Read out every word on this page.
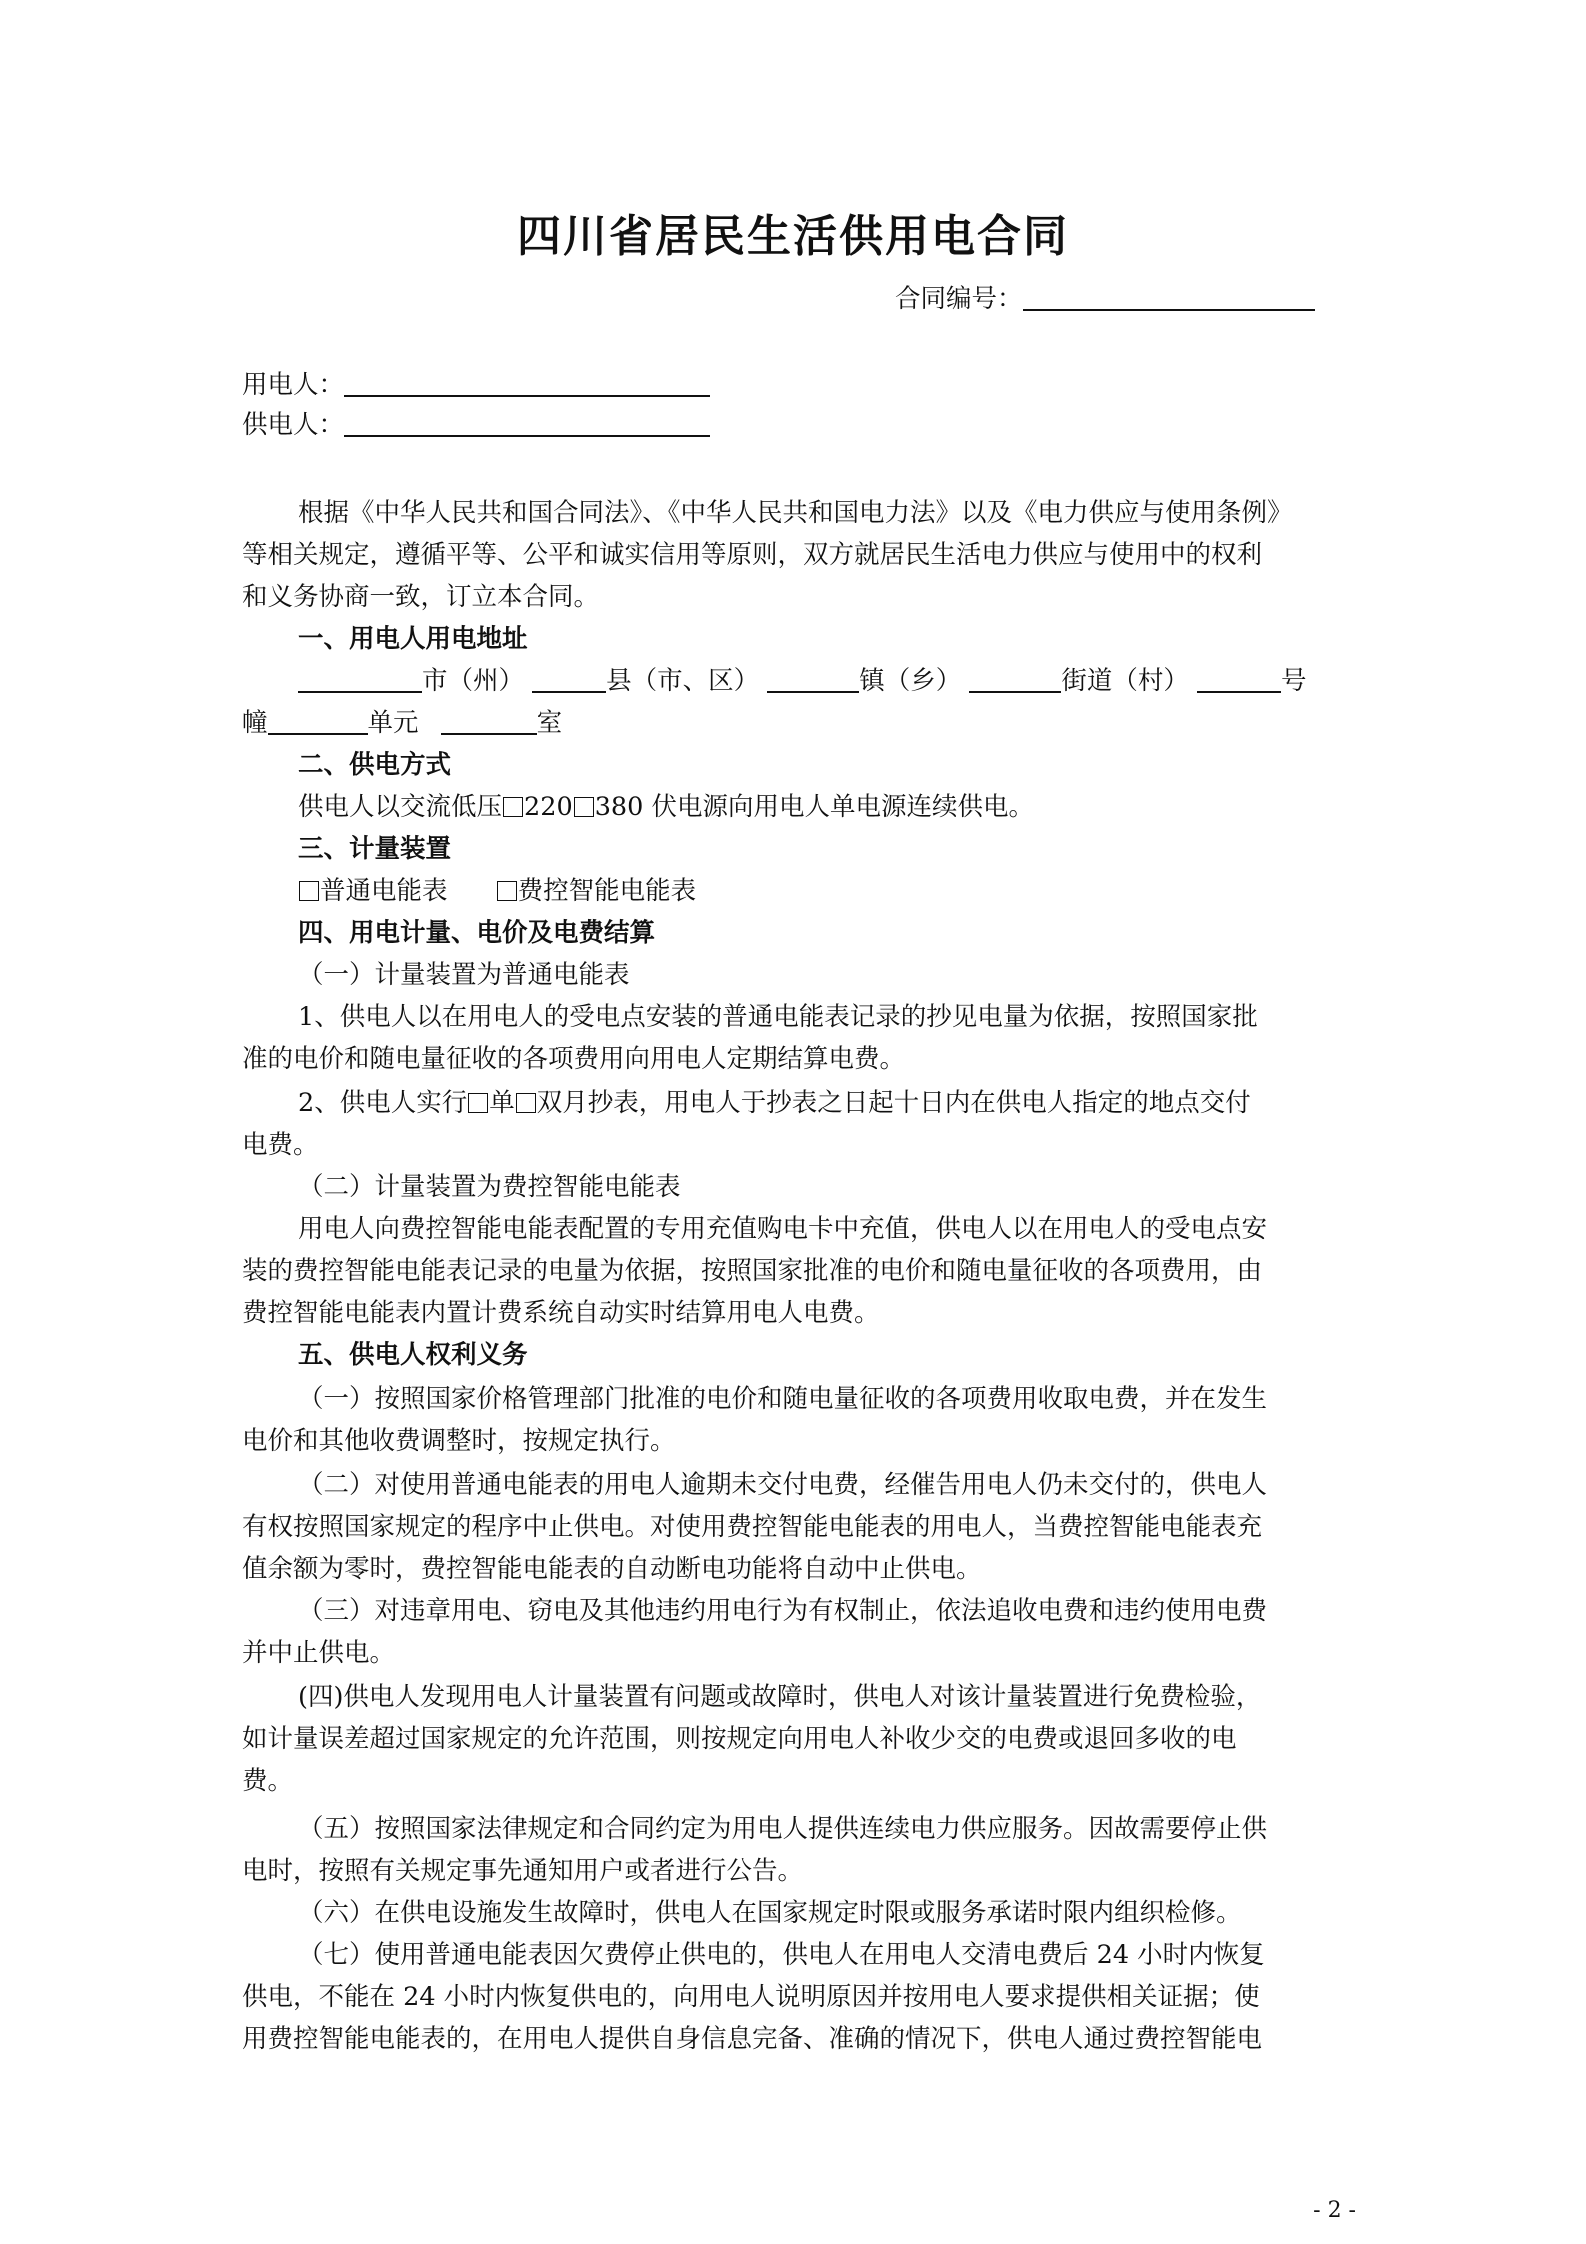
四川省居民生活供用电合同
合同编号：
用电人：
供电人：
根据《中华人民共和国合同法》、《中华人民共和国电力法》以及《电力供应与使用条例》
等相关规定，遵循平等、公平和诚实信用等原则，双方就居民生活电力供应与使用中的权利
和义务协商一致，订立本合同。
一、用电人用电地址
市（州）	县（市、区）	镇（乡）	街道（村）	号
幢	单元	室
二、供电方式
供电人以交流低压 220 380 伏电源向用电人单电源连续供电。
三、计量装置
普通电能表	费控智能电能表
四、用电计量、电价及电费结算
（一）计量装置为普通电能表
1、供电人以在用电人的受电点安装的普通电能表记录的抄见电量为依据，按照国家批
准的电价和随电量征收的各项费用向用电人定期结算电费。
2、供电人实行 单 双月抄表，用电人于抄表之日起十日内在供电人指定的地点交付
电费。
（二）计量装置为费控智能电能表
用电人向费控智能电能表配置的专用充值购电卡中充值，供电人以在用电人的受电点安
装的费控智能电能表记录的电量为依据，按照国家批准的电价和随电量征收的各项费用，由
费控智能电能表内置计费系统自动实时结算用电人电费。
五、供电人权利义务
（一）按照国家价格管理部门批准的电价和随电量征收的各项费用收取电费，并在发生
电价和其他收费调整时，按规定执行。
（二）对使用普通电能表的用电人逾期未交付电费，经催告用电人仍未交付的，供电人
有权按照国家规定的程序中止供电。对使用费控智能电能表的用电人，当费控智能电能表充
值余额为零时，费控智能电能表的自动断电功能将自动中止供电。
（三）对违章用电、窃电及其他违约用电行为有权制止，依法追收电费和违约使用电费
并中止供电。
(四)供电人发现用电人计量装置有问题或故障时，供电人对该计量装置进行免费检验，
如计量误差超过国家规定的允许范围，则按规定向用电人补收少交的电费或退回多收的电
费。
（五）按照国家法律规定和合同约定为用电人提供连续电力供应服务。因故需要停止供
电时，按照有关规定事先通知用户或者进行公告。
（六）在供电设施发生故障时，供电人在国家规定时限或服务承诺时限内组织检修。
（七）使用普通电能表因欠费停止供电的，供电人在用电人交清电费后 24 小时内恢复
供电，不能在 24 小时内恢复供电的，向用电人说明原因并按用电人要求提供相关证据；使
用费控智能电能表的，在用电人提供自身信息完备、准确的情况下，供电人通过费控智能电
- 2 -
